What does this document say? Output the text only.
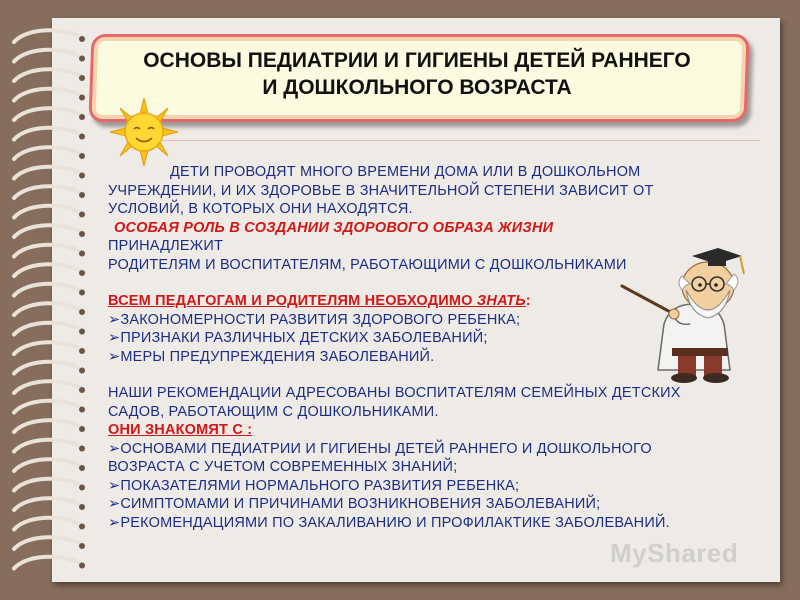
ОСНОВЫ ПЕДИАТРИИ И ГИГИЕНЫ ДЕТЕЙ РАННЕГО
И ДОШКОЛЬНОГО ВОЗРАСТА
ДЕТИ ПРОВОДЯТ МНОГО ВРЕМЕНИ ДОМА ИЛИ В ДОШКОЛЬНОМ
УЧРЕЖДЕНИИ, И ИХ ЗДОРОВЬЕ В ЗНАЧИТЕЛЬНОЙ СТЕПЕНИ ЗАВИСИТ ОТ
УСЛОВИЙ, В КОТОРЫХ ОНИ НАХОДЯТСЯ.
ОСОБАЯ РОЛЬ В СОЗДАНИИ ЗДОРОВОГО ОБРАЗА ЖИЗНИ
ПРИНАДЛЕЖИТ
РОДИТЕЛЯМ И ВОСПИТАТЕЛЯМ, РАБОТАЮЩИМИ С ДОШКОЛЬНИКАМИ
ВСЕМ ПЕДАГОГАМ И РОДИТЕЛЯМ НЕОБХОДИМО ЗНАТЬ:
➢ЗАКОНОМЕРНОСТИ РАЗВИТИЯ ЗДОРОВОГО РЕБЕНКА;
➢ПРИЗНАКИ РАЗЛИЧНЫХ ДЕТСКИХ ЗАБОЛЕВАНИЙ;
➢МЕРЫ ПРЕДУПРЕЖДЕНИЯ ЗАБОЛЕВАНИЙ.
НАШИ РЕКОМЕНДАЦИИ АДРЕСОВАНЫ ВОСПИТАТЕЛЯМ СЕМЕЙНЫХ ДЕТСКИХ
САДОВ, РАБОТАЮЩИМ С ДОШКОЛЬНИКАМИ.
ОНИ ЗНАКОМЯТ С :
➢ОСНОВАМИ ПЕДИАТРИИ И ГИГИЕНЫ ДЕТЕЙ РАННЕГО И ДОШКОЛЬНОГО
ВОЗРАСТА С УЧЕТОМ СОВРЕМЕННЫХ ЗНАНИЙ;
➢ПОКАЗАТЕЛЯМИ НОРМАЛЬНОГО РАЗВИТИЯ РЕБЕНКА;
➢СИМПТОМАМИ И ПРИЧИНАМИ ВОЗНИКНОВЕНИЯ ЗАБОЛЕВАНИЙ;
➢РЕКОМЕНДАЦИЯМИ ПО ЗАКАЛИВАНИЮ И ПРОФИЛАКТИКЕ ЗАБОЛЕВАНИЙ.
MyShared
